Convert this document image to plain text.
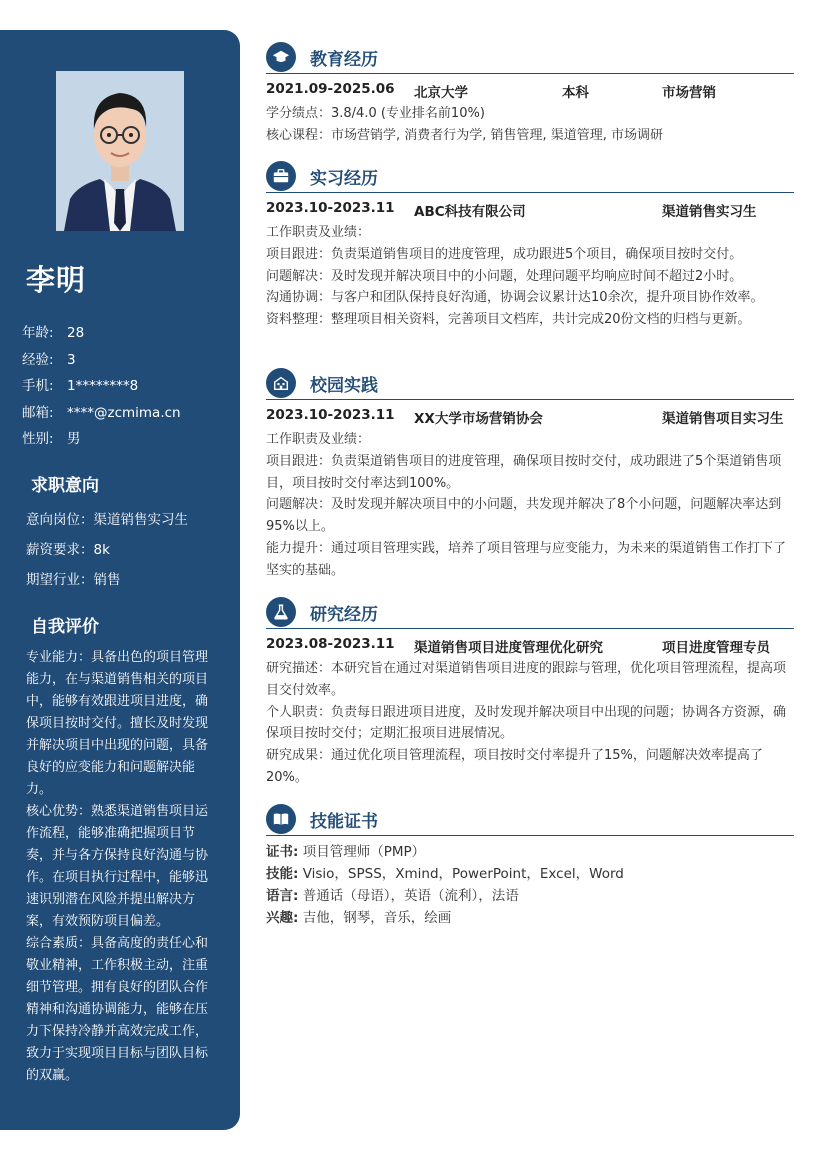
李明
年龄: 28
经验: 3
手机: 1********8
邮箱: ****@zcmima.cn
性别: 男
求职意向
意向岗位：渠道销售实习生
薪资要求：8k
期望行业：销售
自我评价

专业能力：具备出色的项目管理能力，在与渠道销售相关的项目中，能够有效跟进项目进度，确保项目按时交付。擅长及时发现并解决项目中出现的问题，具备良好的应变能力和问题解决能力。

核心优势：熟悉渠道销售项目运作流程，能够准确把握项目节奏，并与各方保持良好沟通与协作。在项目执行过程中，能够迅速识别潜在风险并提出解决方案，有效预防项目偏差。

综合素质：具备高度的责任心和敬业精神，工作积极主动，注重细节管理。拥有良好的团队合作精神和沟通协调能力，能够在压力下保持冷静并高效完成工作，致力于实现项目目标与团队目标的双赢。

教育经历
2021.09-2025.06 北京大学	本科	市场营销

学分绩点：3.8/4.0 (专业排名前10%)

核心课程：市场营销学, 消费者行为学, 销售管理, 渠道管理, 市场调研

实习经历
2023.10-2023.11 ABC科技有限公司	渠道销售实习生

工作职责及业绩：

项目跟进：负责渠道销售项目的进度管理，成功跟进5个项目，确保项目按时交付。

问题解决：及时发现并解决项目中的小问题，处理问题平均响应时间不超过2小时。

沟通协调：与客户和团队保持良好沟通，协调会议累计达10余次，提升项目协作效率。

资料整理：整理项目相关资料，完善项目文档库，共计完成20份文档的归档与更新。

校园实践
2023.10-2023.11 XX大学市场营销协会	渠道销售项目实习生

工作职责及业绩：

项目跟进：负责渠道销售项目的进度管理，确保项目按时交付，成功跟进了5个渠道销售项目，项目按时交付率达到100%。

问题解决：及时发现并解决项目中的小问题，共发现并解决了8个小问题，问题解决率达到95%以上。

能力提升：通过项目管理实践，培养了项目管理与应变能力，为未来的渠道销售工作打下了坚实的基础。

研究经历
2023.08-2023.11 渠道销售项目进度管理优化研究	项目进度管理专员

研究描述：本研究旨在通过对渠道销售项目进度的跟踪与管理，优化项目管理流程，提高项目交付效率。

个人职责：负责每日跟进项目进度，及时发现并解决项目中出现的问题；协调各方资源，确保项目按时交付；定期汇报项目进展情况。

研究成果：通过优化项目管理流程，项目按时交付率提升了15%，问题解决效率提高了20%。

技能证书
证书: 项目管理师（PMP）
技能: Visio，SPSS，Xmind，PowerPoint，Excel，Word
语言: 普通话（母语），英语（流利），法语
兴趣: 吉他，钢琴，音乐，绘画
